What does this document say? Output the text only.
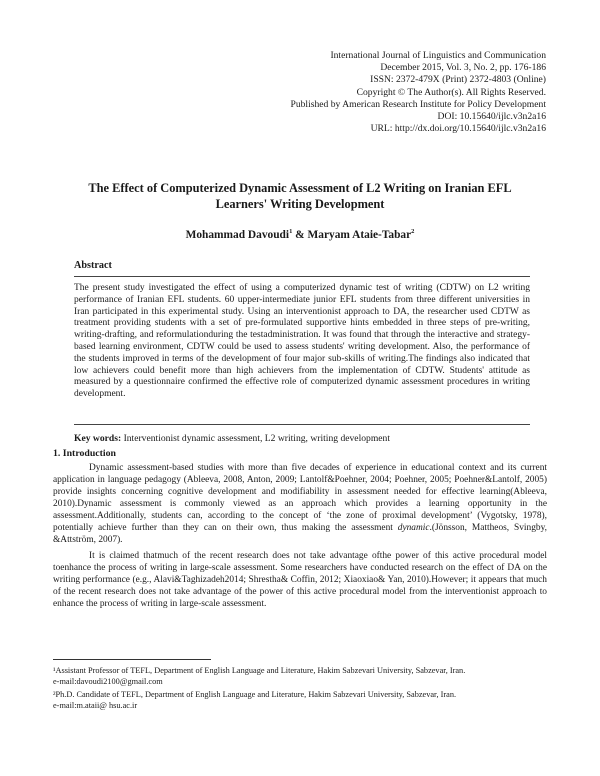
International Journal of Linguistics and Communication
December 2015, Vol. 3, No. 2, pp. 176-186
ISSN: 2372-479X (Print) 2372-4803 (Online)
Copyright © The Author(s). All Rights Reserved.
Published by American Research Institute for Policy Development
DOI: 10.15640/ijlc.v3n2a16
URL: http://dx.doi.org/10.15640/ijlc.v3n2a16
The Effect of Computerized Dynamic Assessment of L2 Writing on Iranian EFL
Learners' Writing Development
Mohammad Davoudi$^1$ & Maryam Ataie-Tabar$^2$
Abstract
The present study investigated the effect of using a computerized dynamic test of writing (CDTW) on L2 writing performance of Iranian EFL students. 60 upper-intermediate junior EFL students from three different universities in Iran participated in this experimental study. Using an interventionist approach to DA, the researcher used CDTW as treatment providing students with a set of pre-formulated supportive hints embedded in three steps of pre-writing, writing-drafting, and reformulationduring the testadministration. It was found that through the interactive and strategy-based learning environment, CDTW could be used to assess students' writing development. Also, the performance of the students improved in terms of the development of four major sub-skills of writing.The findings also indicated that low achievers could benefit more than high achievers from the implementation of CDTW. Students' attitude as measured by a questionnaire confirmed the effective role of computerized dynamic assessment procedures in writing development.
Key words: Interventionist dynamic assessment, L2 writing, writing development
1. Introduction
Dynamic assessment-based studies with more than five decades of experience in educational context and its current application in language pedagogy (Ableeva, 2008, Anton, 2009; Lantolf&Poehner, 2004; Poehner, 2005; Poehner&Lantolf, 2005) provide insights concerning cognitive development and modifiability in assessment needed for effective learning(Ableeva, 2010).Dynamic assessment is commonly viewed as an approach which provides a learning opportunity in the assessment.Additionally, students can, according to the concept of ‘the zone of proximal development’ (Vygotsky, 1978), potentially achieve further than they can on their own, thus making the assessment dynamic.(Jönsson, Mattheos, Svingby, &Attström, 2007).
It is claimed thatmuch of the recent research does not take advantage ofthe power of this active procedural model toenhance the process of writing in large-scale assessment. Some researchers have conducted research on the effect of DA on the writing performance (e.g., Alavi&Taghizadeh2014; Shrestha& Coffin, 2012; Xiaoxiao& Yan, 2010).However; it appears that much of the recent research does not take advantage of the power of this active procedural model from the interventionist approach to enhance the process of writing in large-scale assessment.
¹Assistant Professor of TEFL, Department of English Language and Literature, Hakim Sabzevari University, Sabzevar, Iran.
e-mail:davoudi2100@gmail.com
²Ph.D. Candidate of TEFL, Department of English Language and Literature, Hakim Sabzevari University, Sabzevar, Iran.
e-mail:m.ataii@ hsu.ac.ir
